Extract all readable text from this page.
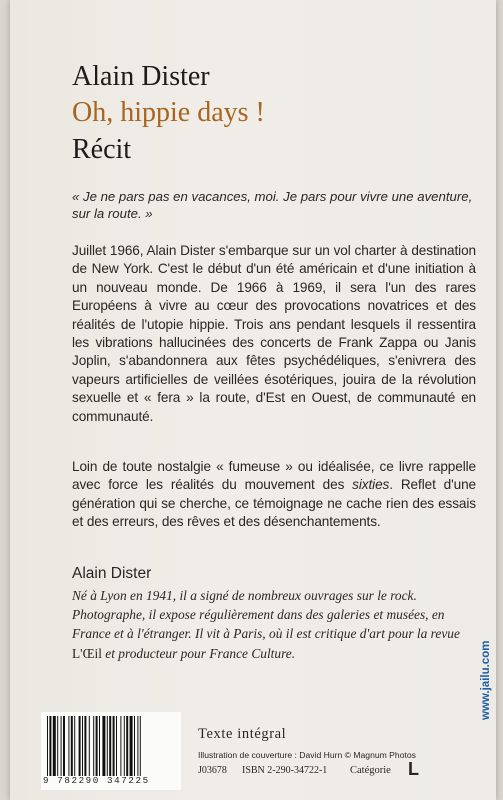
Alain Dister
Oh, hippie days !
Récit

« Je ne pars pas en vacances, moi. Je pars pour vivre une aventure, sur la route. »

Juillet 1966, Alain Dister s'embarque sur un vol charter à destination de New York. C'est le début d'un été américain et d'une initiation à un nouveau monde. De 1966 à 1969, il sera l'un des rares Européens à vivre au cœur des provocations novatrices et des réalités de l'utopie hippie. Trois ans pendant lesquels il ressentira les vibrations hallucinées des concerts de Frank Zappa ou Janis Joplin, s'abandonnera aux fêtes psychédéliques, s'enivrera des vapeurs artificielles de veillées ésotériques, jouira de la révolution sexuelle et « fera » la route, d'Est en Ouest, de communauté en communauté.

Loin de toute nostalgie « fumeuse » ou idéalisée, ce livre rappelle avec force les réalités du mouvement des sixties. Reflet d'une génération qui se cherche, ce témoignage ne cache rien des essais et des erreurs, des rêves et des désenchantements.

Alain Dister

Né à Lyon en 1941, il a signé de nombreux ouvrages sur le rock. Photographe, il expose régulièrement dans des galeries et musées, en France et à l'étranger. Il vit à Paris, où il est critique d'art pour la revue L'Œil et producteur pour France Culture.

9 782290 347225
Texte intégral
Illustration de couverture : David Hurn © Magnum Photos
J03678 ISBN 2-290-34722-1 Catégorie L
www.jailu.com
